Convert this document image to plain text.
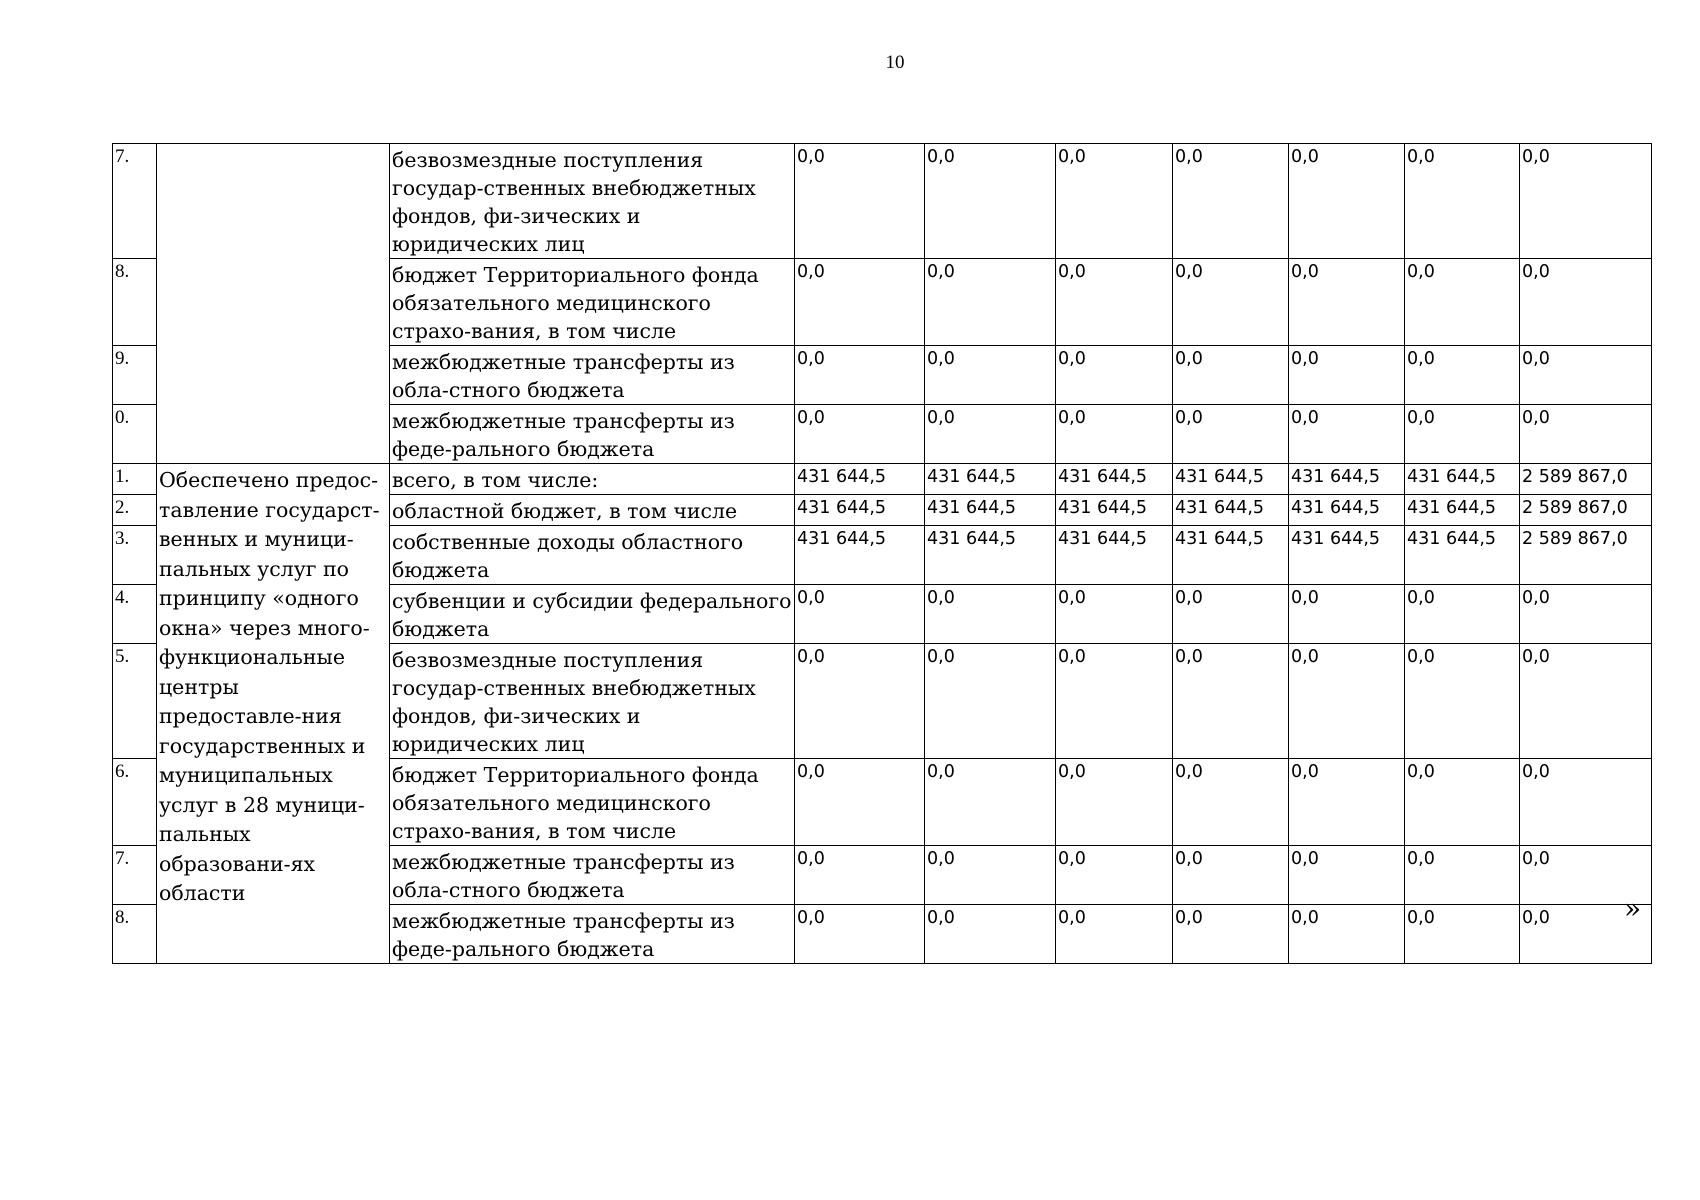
10
7.		безвозмездные поступления государ-ственных внебюджетных фондов, фи-зических и юридических лиц	0,0	0,0	0,0	0,0	0,0	0,0	0,0
8.		бюджет Территориального фонда обязательного медицинского страхо-вания, в том числе	0,0	0,0	0,0	0,0	0,0	0,0	0,0
9.		межбюджетные трансферты из обла-стного бюджета	0,0	0,0	0,0	0,0	0,0	0,0	0,0
0.		межбюджетные трансферты из феде-рального бюджета	0,0	0,0	0,0	0,0	0,0	0,0	0,0
1.	Обеспечено предос-тавление государст-венных и муници-пальных услуг по принципу «одного окна» через много-функциональные центры предоставле-ния государственных и муниципальных услуг в 28 муници-пальных образовани-ях области	всего, в том числе:	431 644,5	431 644,5	431 644,5	431 644,5	431 644,5	431 644,5	2 589 867,0
2.		областной бюджет, в том числе	431 644,5	431 644,5	431 644,5	431 644,5	431 644,5	431 644,5	2 589 867,0
3.		собственные доходы областного бюджета	431 644,5	431 644,5	431 644,5	431 644,5	431 644,5	431 644,5	2 589 867,0
4.		субвенции и субсидии федерального бюджета	0,0	0,0	0,0	0,0	0,0	0,0	0,0
5.		безвозмездные поступления государ-ственных внебюджетных фондов, фи-зических и юридических лиц	0,0	0,0	0,0	0,0	0,0	0,0	0,0
6.		бюджет Территориального фонда обязательного медицинского страхо-вания, в том числе	0,0	0,0	0,0	0,0	0,0	0,0	0,0
7.		межбюджетные трансферты из обла-стного бюджета	0,0	0,0	0,0	0,0	0,0	0,0	0,0
8.		межбюджетные трансферты из феде-рального бюджета	0,0	0,0	0,0	0,0	0,0	0,0	0,0	»
